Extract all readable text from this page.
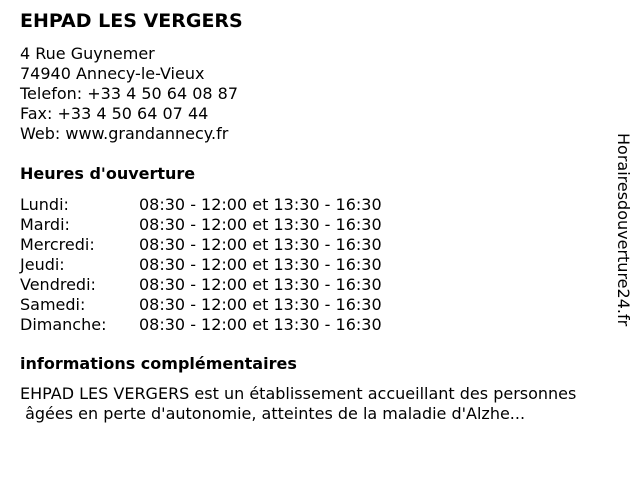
EHPAD LES VERGERS
4 Rue Guynemer
74940 Annecy-le-Vieux
Telefon: +33 4 50 64 08 87
Fax: +33 4 50 64 07 44
Web: www.grandannecy.fr
Heures d'ouverture
Lundi:	08:30 - 12:00 et 13:30 - 16:30
Mardi:	08:30 - 12:00 et 13:30 - 16:30
Mercredi:	08:30 - 12:00 et 13:30 - 16:30
Jeudi:	08:30 - 12:00 et 13:30 - 16:30
Vendredi:	08:30 - 12:00 et 13:30 - 16:30
Samedi:	08:30 - 12:00 et 13:30 - 16:30
Dimanche: 08:30 - 12:00 et 13:30 - 16:30
informations complémentaires
EHPAD LES VERGERS est un établissement accueillant des personnes
âgées en perte d'autonomie, atteintes de la maladie d'Alzhe...
Horairesdouverture24.fr
